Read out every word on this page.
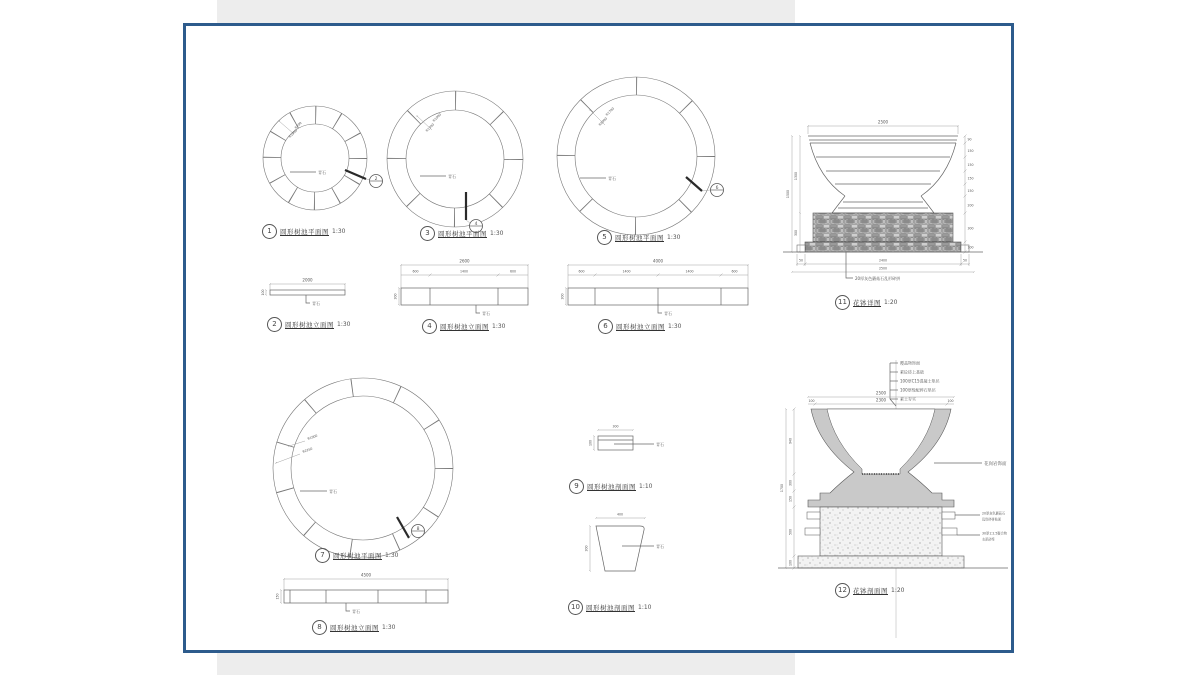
R700
R1000
青石
2
R1000
R1300
青石
4
R1700
R2000
青石
6
R1900
R2250
青石
8
2000
100
青石
2600
600	1400	600
300
青石
4000
600	1400	1400	600
300
青石
4500
150
青石
300
100	青石
400
300	青石
2500
1500
1300
300
90
150
150
150
150
200
300
100
50	2400	50
2500
20厚灰色蘑菇石乱形碎拼
覆盖物饰面
素砼砖上基础
100厚C15混凝土垫层
100厚级配碎石垫层
素土夯实
2500
100	2300	100
1700
940
300
150
500
100
花岗岩饰面
20厚灰色蘑菇石
乱形碎拼贴面
30厚1:2.5聚合物
水泥砂浆
1	圆形树池平面图 1:30
2	圆形树池立面图 1:30
3	圆形树池平面图 1:30
4	圆形树池立面图 1:30
5	圆形树池平面图 1:30
6	圆形树池立面图 1:30
7	圆形树池平面图 1:30
8	圆形树池立面图 1:30
9	圆形树池剖面图 1:10
10 圆形树池剖面图 1:10
11 花钵详图 1:20
12 花钵剖面图 1:20
